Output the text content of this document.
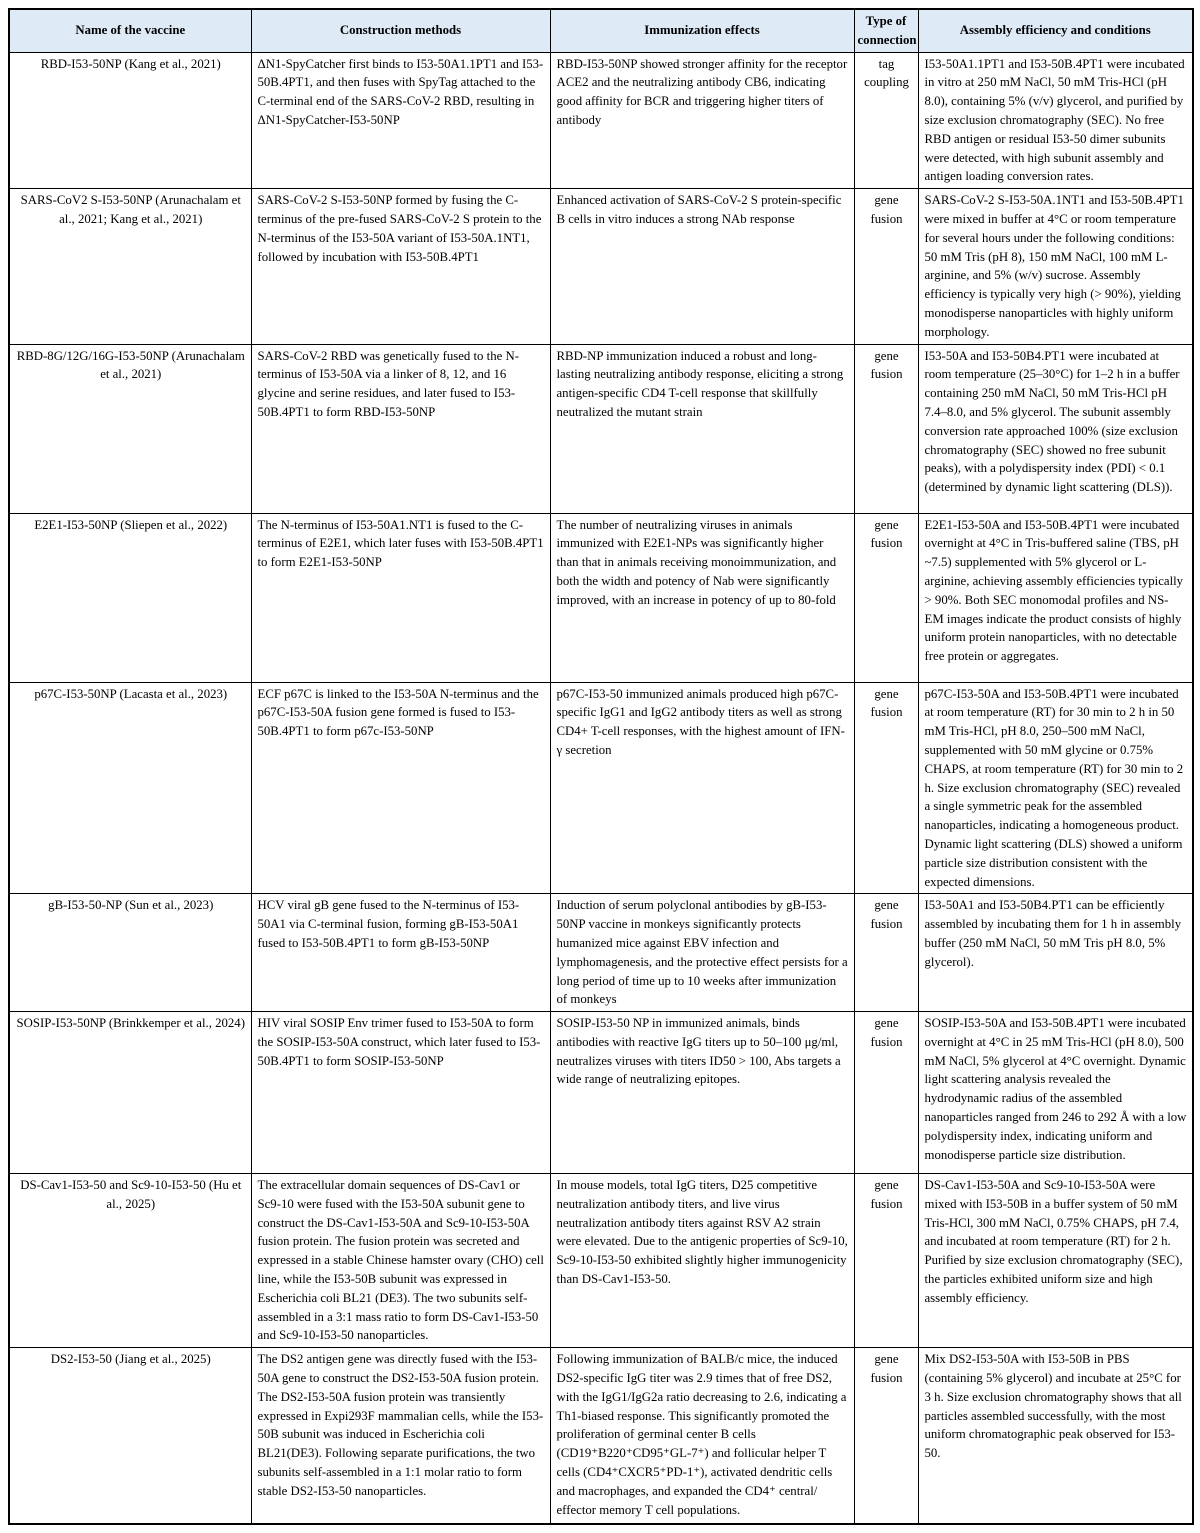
Name of the vaccine	Construction methods	Immunization effects	Type of connection	Assembly efficiency and conditions
RBD-I53-50NP (Kang et al., 2021)	ΔN1-SpyCatcher first binds to I53-50A1.1PT1 and I53-50B.4PT1, and then fuses with SpyTag attached to the C-terminal end of the SARS-CoV-2 RBD, resulting in ΔN1-SpyCatcher-I53-50NP	RBD-I53-50NP showed stronger affinity for the receptor ACE2 and the neutralizing antibody CB6, indicating good affinity for BCR and triggering higher titers of antibody	tag coupling	I53-50A1.1PT1 and I53-50B.4PT1 were incubated in vitro at 250 mM NaCl, 50 mM Tris-HCl (pH 8.0), containing 5% (v/v) glycerol, and purified by size exclusion chromatography (SEC). No free RBD antigen or residual I53-50 dimer subunits were detected, with high subunit assembly and antigen loading conversion rates.
SARS-CoV2 S-I53-50NP (Arunachalam et al., 2021; Kang et al., 2021)	SARS-CoV-2 S-I53-50NP formed by fusing the C-terminus of the pre-fused SARS-CoV-2 S protein to the N-terminus of the I53-50A variant of I53-50A.1NT1, followed by incubation with I53-50B.4PT1	Enhanced activation of SARS-CoV-2 S protein-specific B cells in vitro induces a strong NAb response	gene fusion	SARS-CoV-2 S-I53-50A.1NT1 and I53-50B.4PT1 were mixed in buffer at 4°C or room temperature for several hours under the following conditions: 50 mM Tris (pH 8), 150 mM NaCl, 100 mM L-arginine, and 5% (w/v) sucrose. Assembly efficiency is typically very high (> 90%), yielding monodisperse nanoparticles with highly uniform morphology.
RBD-8G/12G/16G-I53-50NP (Arunachalam et al., 2021)	SARS-CoV-2 RBD was genetically fused to the N-terminus of I53-50A via a linker of 8, 12, and 16 glycine and serine residues, and later fused to I53-50B.4PT1 to form RBD-I53-50NP	RBD-NP immunization induced a robust and long-lasting neutralizing antibody response, eliciting a strong antigen-specific CD4 T-cell response that skillfully neutralized the mutant strain	gene fusion	I53-50A and I53-50B4.PT1 were incubated at room temperature (25–30°C) for 1–2 h in a buffer containing 250 mM NaCl, 50 mM Tris-HCl pH 7.4–8.0, and 5% glycerol. The subunit assembly conversion rate approached 100% (size exclusion chromatography (SEC) showed no free subunit peaks), with a polydispersity index (PDI) < 0.1 (determined by dynamic light scattering (DLS)).
E2E1-I53-50NP (Sliepen et al., 2022)	The N-terminus of I53-50A1.NT1 is fused to the C-terminus of E2E1, which later fuses with I53-50B.4PT1 to form E2E1-I53-50NP	The number of neutralizing viruses in animals immunized with E2E1-NPs was significantly higher than that in animals receiving monoimmunization, and both the width and potency of Nab were significantly improved, with an increase in potency of up to 80-fold	gene fusion	E2E1-I53-50A and I53-50B.4PT1 were incubated overnight at 4°C in Tris-buffered saline (TBS, pH ~7.5) supplemented with 5% glycerol or L-arginine, achieving assembly efficiencies typically > 90%. Both SEC monomodal profiles and NS-EM images indicate the product consists of highly uniform protein nanoparticles, with no detectable free protein or aggregates.
p67C-I53-50NP (Lacasta et al., 2023)	ECF p67C is linked to the I53-50A N-terminus and the p67C-I53-50A fusion gene formed is fused to I53-50B.4PT1 to form p67c-I53-50NP	p67C-I53-50 immunized animals produced high p67C-specific IgG1 and IgG2 antibody titers as well as strong CD4+ T-cell responses, with the highest amount of IFN-γ secretion	gene fusion	p67C-I53-50A and I53-50B.4PT1 were incubated at room temperature (RT) for 30 min to 2 h in 50 mM Tris-HCl, pH 8.0, 250–500 mM NaCl, supplemented with 50 mM glycine or 0.75% CHAPS, at room temperature (RT) for 30 min to 2 h. Size exclusion chromatography (SEC) revealed a single symmetric peak for the assembled nanoparticles, indicating a homogeneous product. Dynamic light scattering (DLS) showed a uniform particle size distribution consistent with the expected dimensions.
gB-I53-50-NP (Sun et al., 2023)	HCV viral gB gene fused to the N-terminus of I53-50A1 via C-terminal fusion, forming gB-I53-50A1 fused to I53-50B.4PT1 to form gB-I53-50NP	Induction of serum polyclonal antibodies by gB-I53-50NP vaccine in monkeys significantly protects humanized mice against EBV infection and lymphomagenesis, and the protective effect persists for a long period of time up to 10 weeks after immunization of monkeys	gene fusion	I53-50A1 and I53-50B4.PT1 can be efficiently assembled by incubating them for 1 h in assembly buffer (250 mM NaCl, 50 mM Tris pH 8.0, 5% glycerol).
SOSIP-I53-50NP (Brinkkemper et al., 2024)	HIV viral SOSIP Env trimer fused to I53-50A to form the SOSIP-I53-50A construct, which later fused to I53-50B.4PT1 to form SOSIP-I53-50NP	SOSIP-I53-50 NP in immunized animals, binds antibodies with reactive IgG titers up to 50–100 μg/ml, neutralizes viruses with titers ID50 > 100, Abs targets a wide range of neutralizing epitopes.	gene fusion	SOSIP-I53-50A and I53-50B.4PT1 were incubated overnight at 4°C in 25 mM Tris-HCl (pH 8.0), 500 mM NaCl, 5% glycerol at 4°C overnight. Dynamic light scattering analysis revealed the hydrodynamic radius of the assembled nanoparticles ranged from 246 to 292 Å with a low polydispersity index, indicating uniform and monodisperse particle size distribution.
DS-Cav1-I53-50 and Sc9-10-I53-50 (Hu et al., 2025)	The extracellular domain sequences of DS-Cav1 or Sc9-10 were fused with the I53-50A subunit gene to construct the DS-Cav1-I53-50A and Sc9-10-I53-50A fusion protein. The fusion protein was secreted and expressed in a stable Chinese hamster ovary (CHO) cell line, while the I53-50B subunit was expressed in Escherichia coli BL21 (DE3). The two subunits self-assembled in a 3:1 mass ratio to form DS-Cav1-I53-50 and Sc9-10-I53-50 nanoparticles.	In mouse models, total IgG titers, D25 competitive neutralization antibody titers, and live virus neutralization antibody titers against RSV A2 strain were elevated. Due to the antigenic properties of Sc9-10, Sc9-10-I53-50 exhibited slightly higher immunogenicity than DS-Cav1-I53-50.	gene fusion	DS-Cav1-I53-50A and Sc9-10-I53-50A were mixed with I53-50B in a buffer system of 50 mM Tris-HCl, 300 mM NaCl, 0.75% CHAPS, pH 7.4, and incubated at room temperature (RT) for 2 h. Purified by size exclusion chromatography (SEC), the particles exhibited uniform size and high assembly efficiency.
DS2-I53-50 (Jiang et al., 2025)	The DS2 antigen gene was directly fused with the I53-50A gene to construct the DS2-I53-50A fusion protein. The DS2-I53-50A fusion protein was transiently expressed in Expi293F mammalian cells, while the I53-50B subunit was induced in Escherichia coli BL21(DE3). Following separate purifications, the two subunits self-assembled in a 1:1 molar ratio to form stable DS2-I53-50 nanoparticles.	Following immunization of BALB/c mice, the induced DS2-specific IgG titer was 2.9 times that of free DS2, with the IgG1/IgG2a ratio decreasing to 2.6, indicating a Th1-biased response. This significantly promoted the proliferation of germinal center B cells (CD19⁺B220⁺CD95⁺GL-7⁺) and follicular helper T cells (CD4⁺CXCR5⁺PD-1⁺), activated dendritic cells and macrophages, and expanded the CD4⁺ central/ effector memory T cell populations.	gene fusion	Mix DS2-I53-50A with I53-50B in PBS (containing 5% glycerol) and incubate at 25°C for 3 h. Size exclusion chromatography shows that all particles assembled successfully, with the most uniform chromatographic peak observed for I53-50.
